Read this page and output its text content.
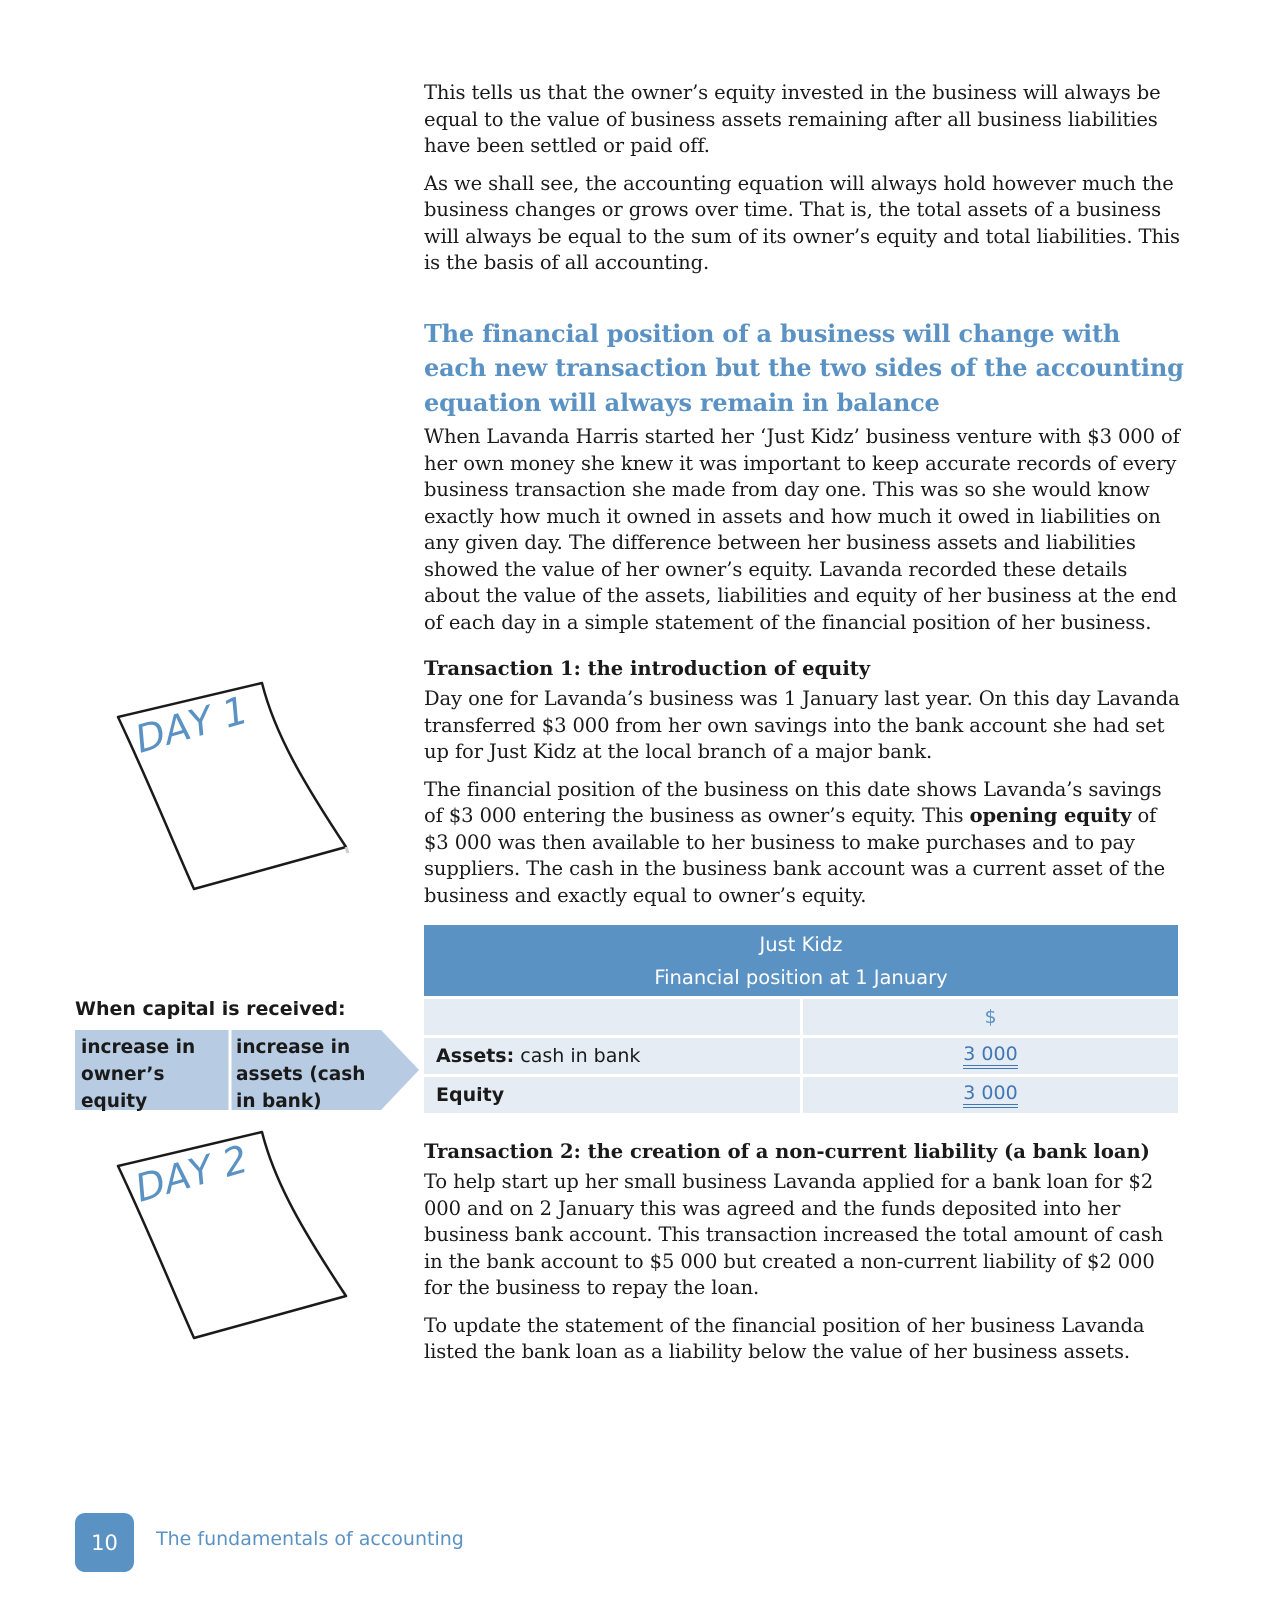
This tells us that the owner’s equity invested in the business will always be equal to the value of business assets remaining after all business liabilities have been settled or paid off.

As we shall see, the accounting equation will always hold however much the business changes or grows over time. That is, the total assets of a business will always be equal to the sum of its owner’s equity and total liabilities. This is the basis of all accounting.

The financial position of a business will change with each new transaction but the two sides of the accounting equation will always remain in balance

When Lavanda Harris started her ‘Just Kidz’ business venture with $3 000 of her own money she knew it was important to keep accurate records of every business transaction she made from day one. This was so she would know exactly how much it owned in assets and how much it owed in liabilities on any given day. The difference between her business assets and liabilities showed the value of her owner’s equity. Lavanda recorded these details about the value of the assets, liabilities and equity of her business at the end of each day in a simple statement of the financial position of her business.

Transaction 1: the introduction of equity

Day one for Lavanda’s business was 1 January last year. On this day Lavanda transferred $3 000 from her own savings into the bank account she had set up for Just Kidz at the local branch of a major bank.

The financial position of the business on this date shows Lavanda’s savings of $3 000 entering the business as owner’s equity. This opening equity of $3 000 was then available to her business to make purchases and to pay suppliers. The cash in the business bank account was a current asset of the business and exactly equal to owner’s equity.

Just Kidz
Financial position at 1 January	

	$
Assets: cash in bank	3 000
Equity	3 000
Transaction 2: the creation of a non-current liability (a bank loan)

To help start up her small business Lavanda applied for a bank loan for $2 000 and on 2 January this was agreed and the funds deposited into her business bank account. This transaction increased the total amount of cash in the bank account to $5 000 but created a non-current liability of $2 000 for the business to repay the loan.

To update the statement of the financial position of her business Lavanda listed the bank loan as a liability below the value of her business assets.

DAY 1
When capital is received:
increase in owner’s equity
increase in assets (cash in bank)
DAY 2
10	The fundamentals of accounting
